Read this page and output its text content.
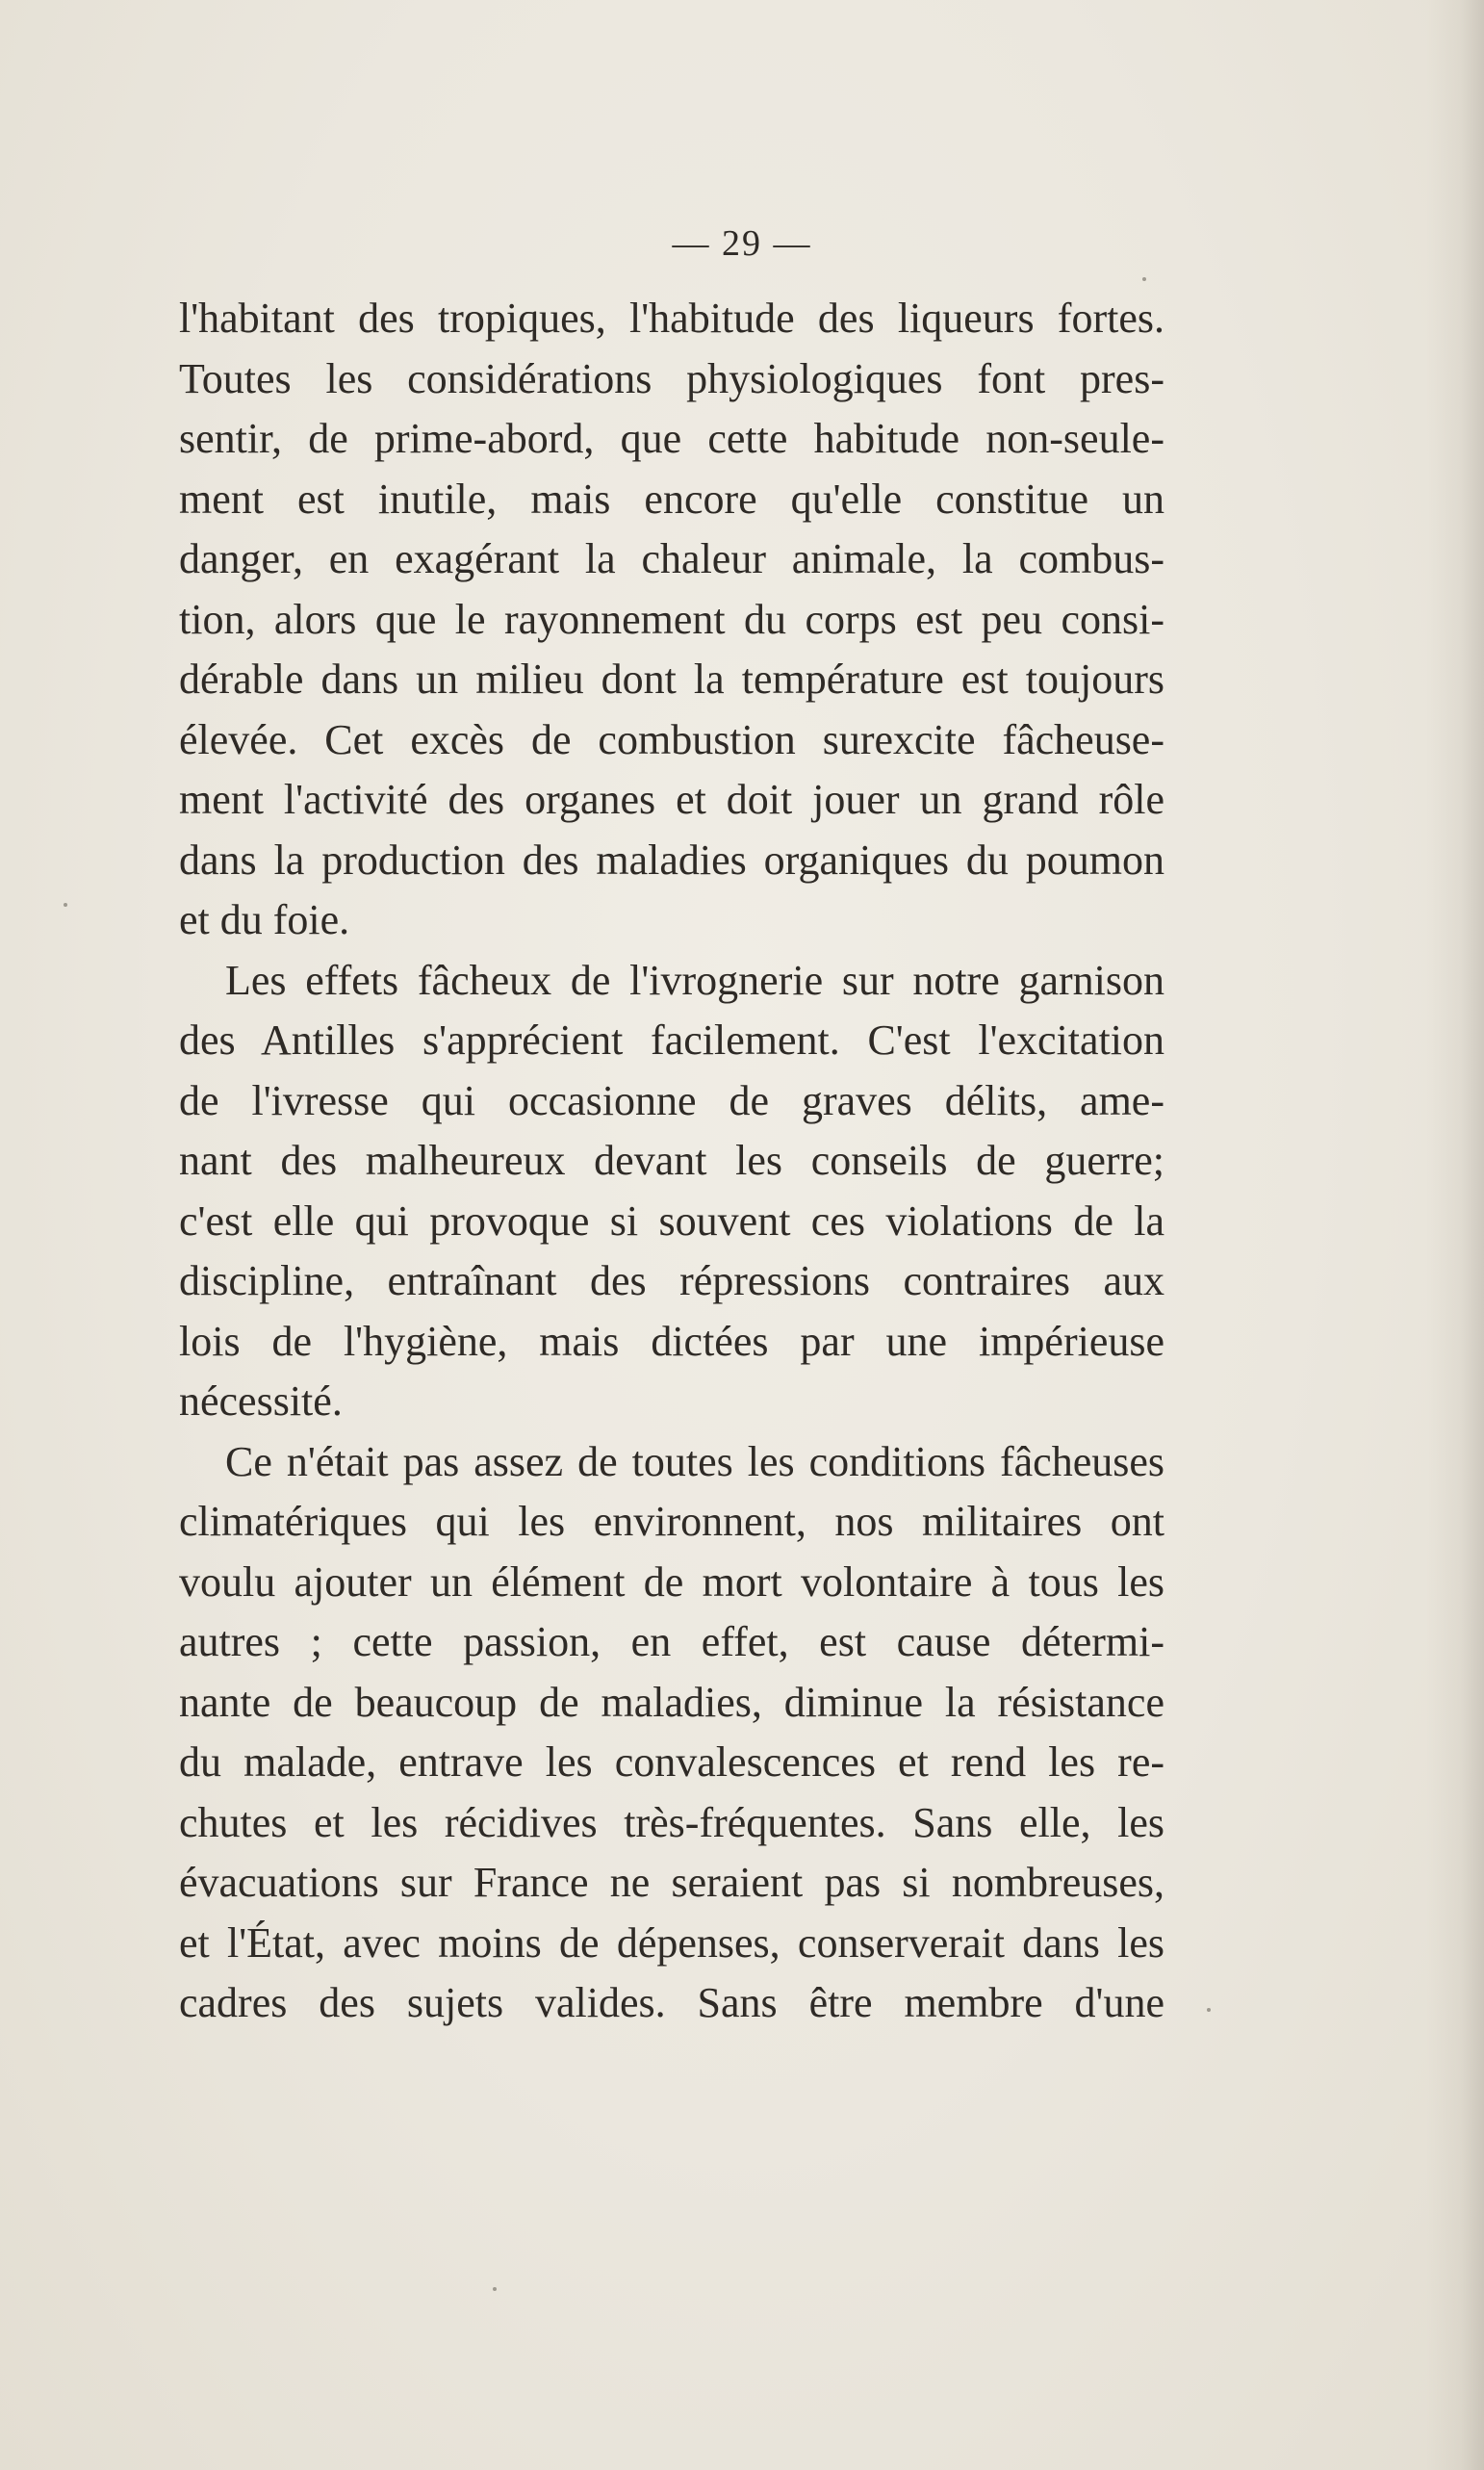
— 29 —

l'habitant des tropiques, l'habitude des liqueurs fortes.
Toutes les considérations physiologiques font pres-
sentir, de prime-abord, que cette habitude non-seule-
ment est inutile, mais encore qu'elle constitue un
danger, en exagérant la chaleur animale, la combus-
tion, alors que le rayonnement du corps est peu consi-
dérable dans un milieu dont la température est toujours
élevée. Cet excès de combustion surexcite fâcheuse-
ment l'activité des organes et doit jouer un grand rôle
dans la production des maladies organiques du poumon
et du foie.

Les effets fâcheux de l'ivrognerie sur notre garnison
des Antilles s'apprécient facilement. C'est l'excitation
de l'ivresse qui occasionne de graves délits, ame-
nant des malheureux devant les conseils de guerre;
c'est elle qui provoque si souvent ces violations de la
discipline, entraînant des répressions contraires aux
lois de l'hygiène, mais dictées par une impérieuse
nécessité.

Ce n'était pas assez de toutes les conditions fâcheuses
climatériques qui les environnent, nos militaires ont
voulu ajouter un élément de mort volontaire à tous les
autres ; cette passion, en effet, est cause détermi-
nante de beaucoup de maladies, diminue la résistance
du malade, entrave les convalescences et rend les re-
chutes et les récidives très-fréquentes. Sans elle, les
évacuations sur France ne seraient pas si nombreuses,
et l'État, avec moins de dépenses, conserverait dans les
cadres des sujets valides. Sans être membre d'une
